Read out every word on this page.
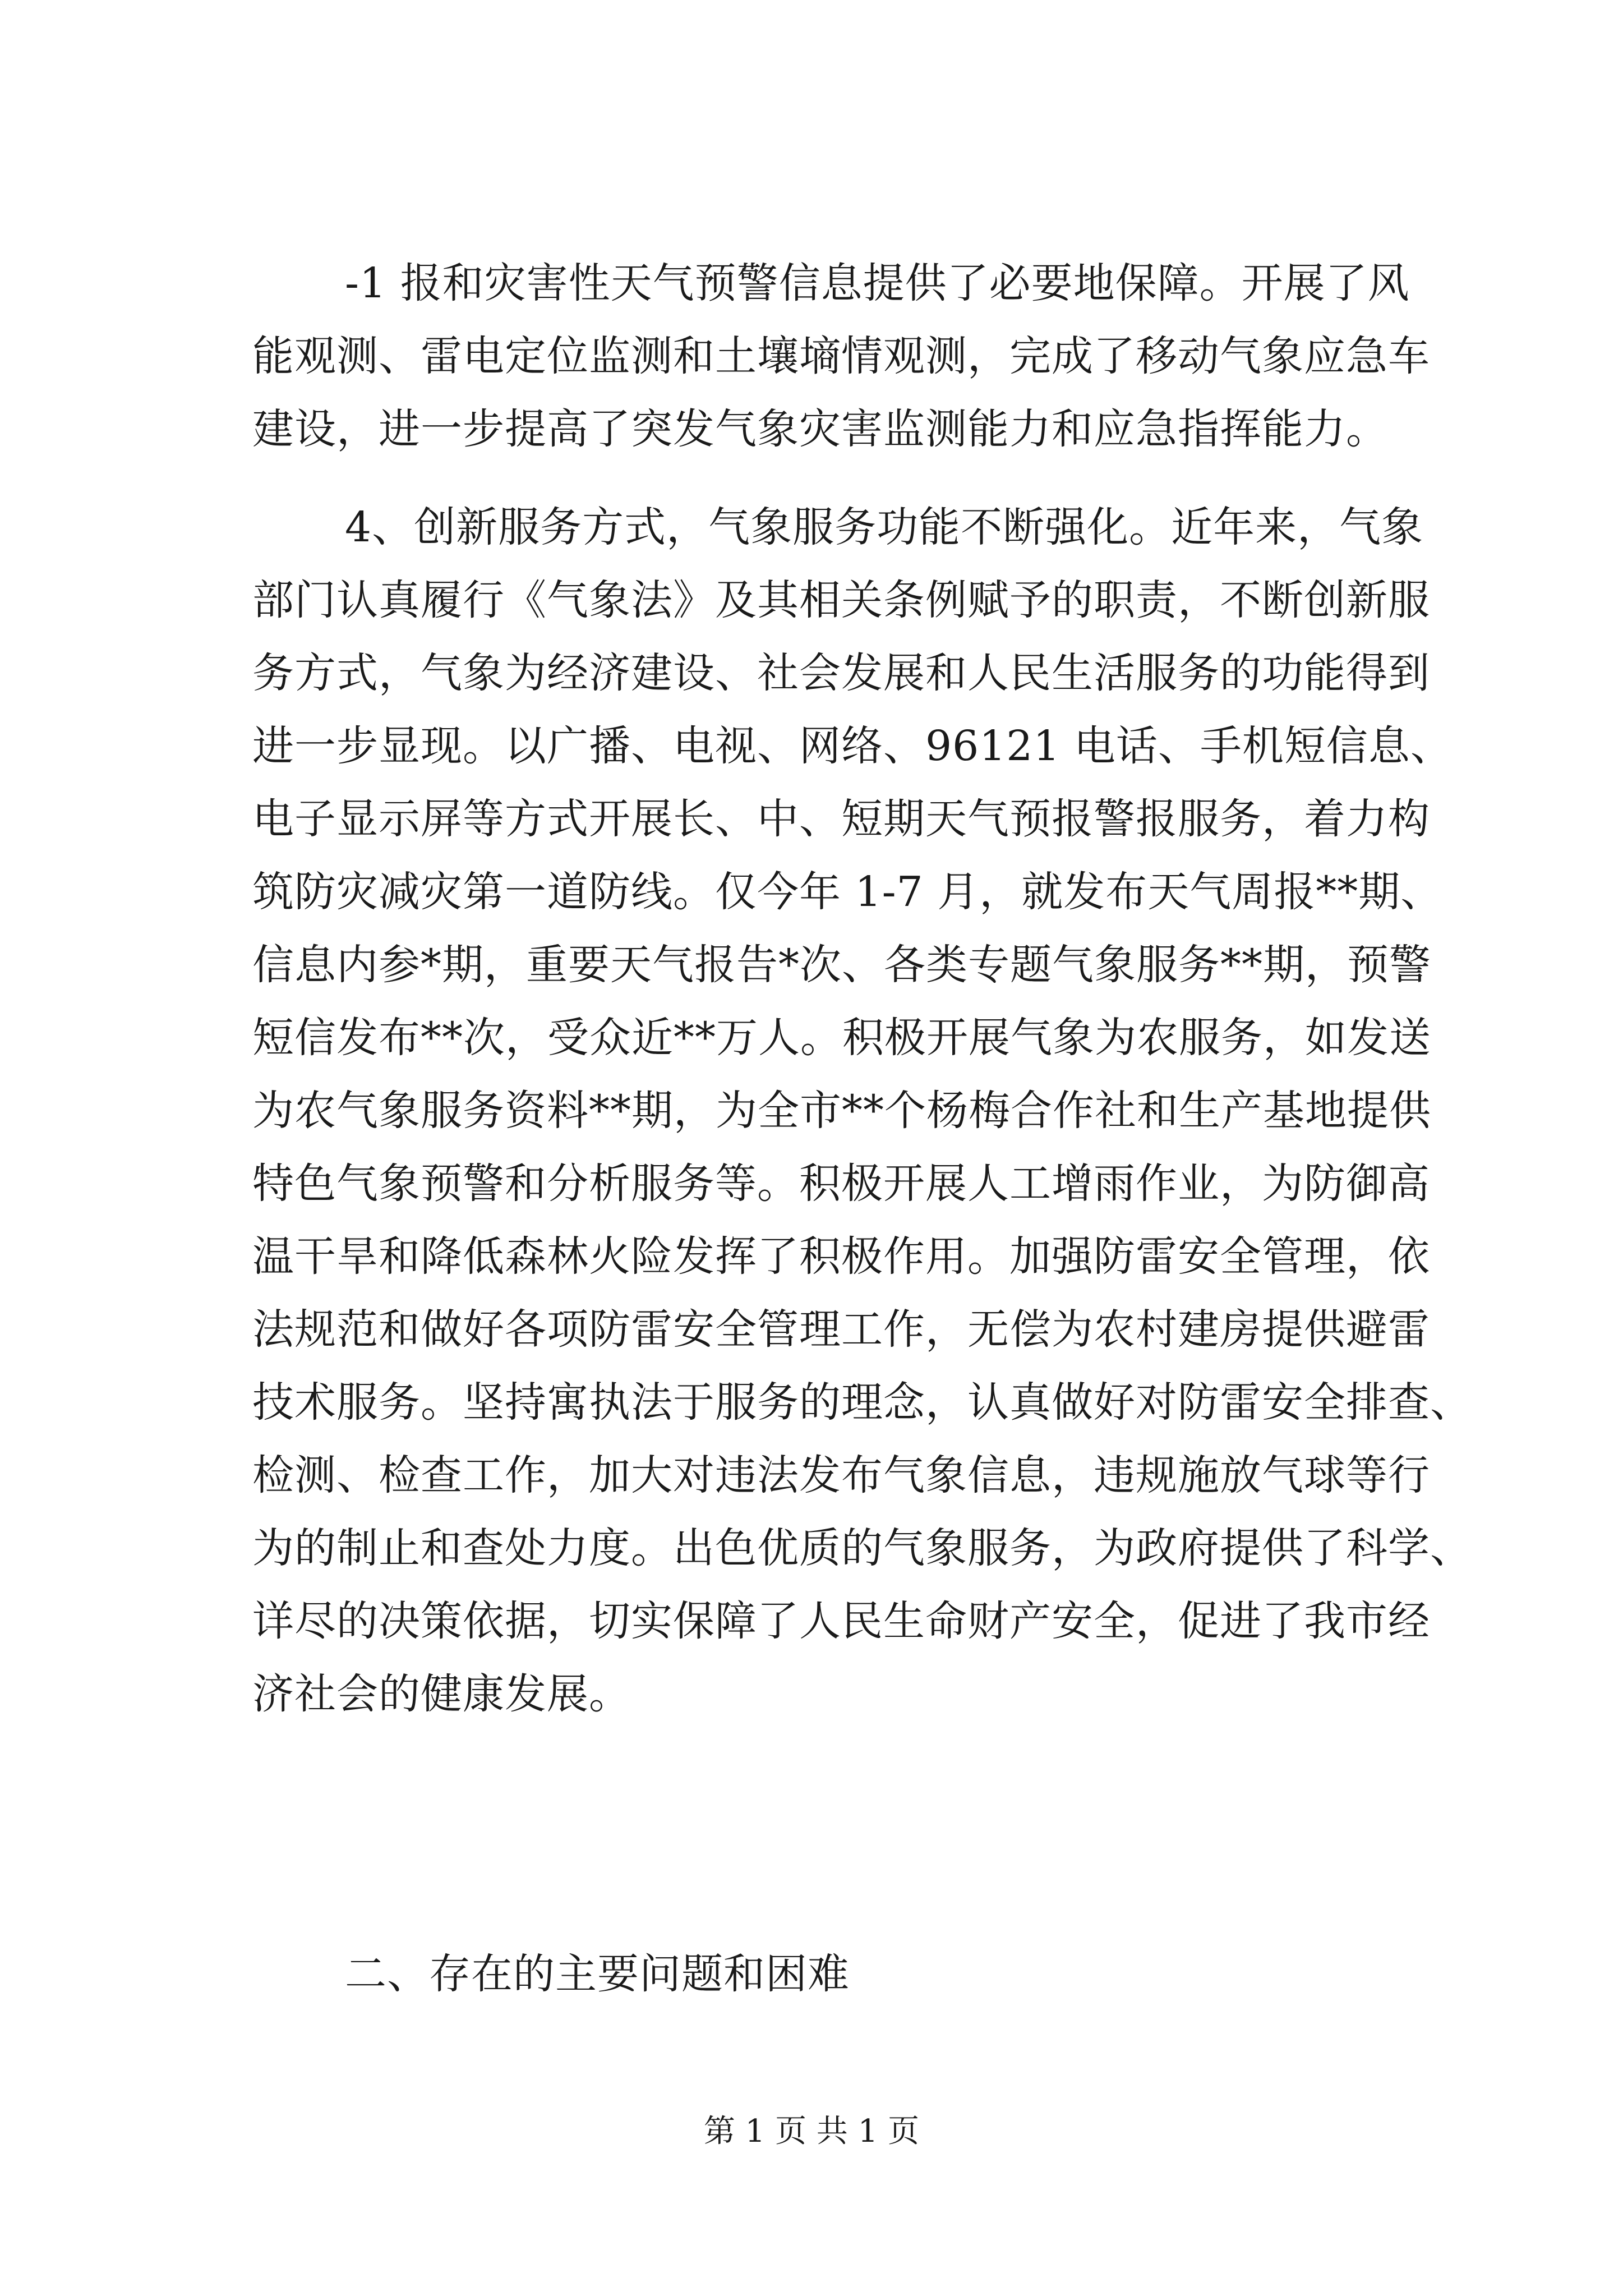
-1 报和灾害性天气预警信息提供了必要地保障。开展了风
能观测、雷电定位监测和土壤墒情观测，完成了移动气象应急车
建设，进一步提高了突发气象灾害监测能力和应急指挥能力。
4、创新服务方式，气象服务功能不断强化。近年来，气象
部门认真履行《气象法》及其相关条例赋予的职责，不断创新服
务方式，气象为经济建设、社会发展和人民生活服务的功能得到
进一步显现。以广播、电视、网络、96121 电话、手机短信息、
电子显示屏等方式开展长、中、短期天气预报警报服务，着力构
筑防灾减灾第一道防线。仅今年 1-7 月，就发布天气周报**期、
信息内参*期，重要天气报告*次、各类专题气象服务**期，预警
短信发布**次，受众近**万人。积极开展气象为农服务，如发送
为农气象服务资料**期，为全市**个杨梅合作社和生产基地提供
特色气象预警和分析服务等。积极开展人工增雨作业，为防御高
温干旱和降低森林火险发挥了积极作用。加强防雷安全管理，依
法规范和做好各项防雷安全管理工作，无偿为农村建房提供避雷
技术服务。坚持寓执法于服务的理念，认真做好对防雷安全排查、
检测、检查工作，加大对违法发布气象信息，违规施放气球等行
为的制止和查处力度。出色优质的气象服务，为政府提供了科学、
详尽的决策依据，切实保障了人民生命财产安全，促进了我市经
济社会的健康发展。
二、存在的主要问题和困难
第 1 页 共 1 页
